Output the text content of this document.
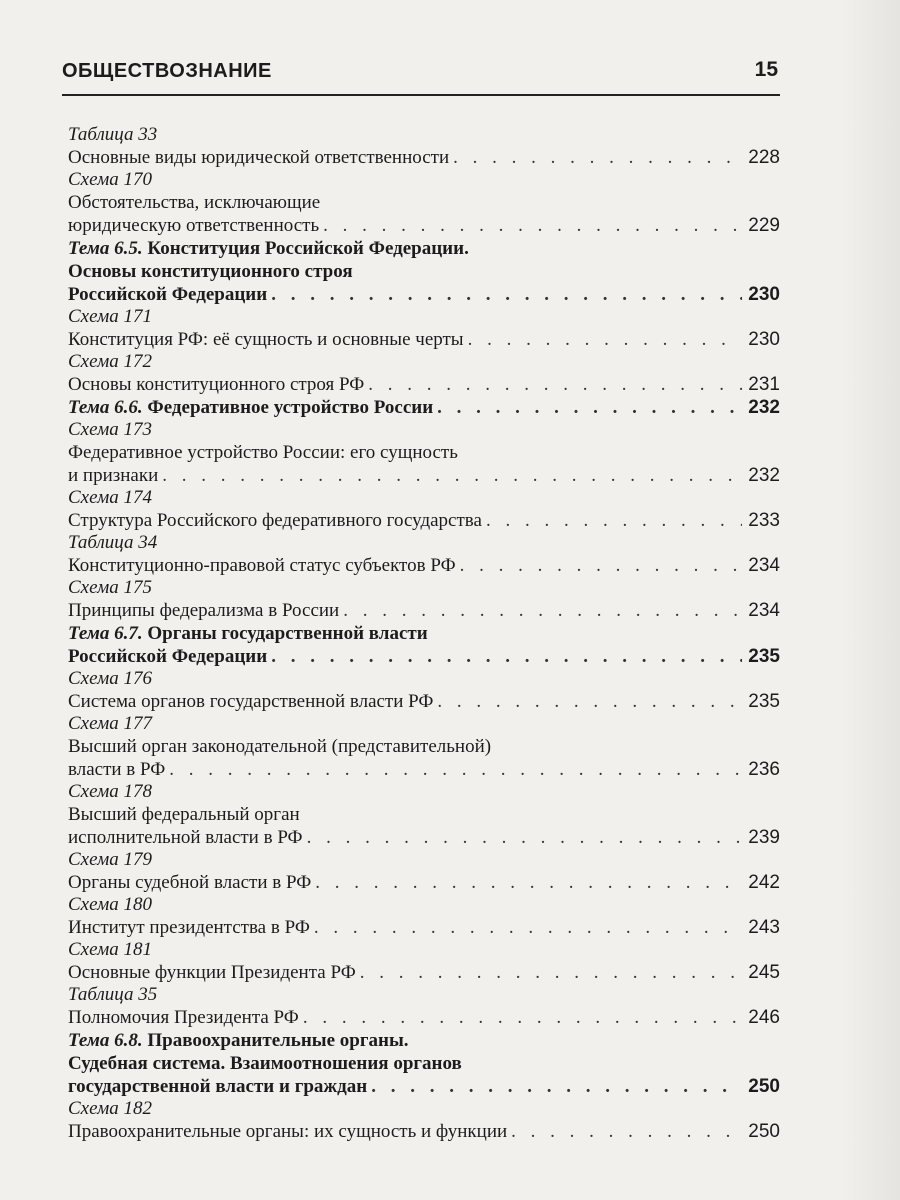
ОБЩЕСТВОЗНАНИЕ	15
Таблица 33
Основные виды юридической ответственности . . .	228
Схема 170
Обстоятельства, исключающие
юридическую ответственность . . .	229
Тема 6.5. Конституция Российской Федерации.
Основы конституционного строя
Российской Федерации . . .	230
Схема 171
Конституция РФ: её сущность и основные черты . . .	230
Схема 172
Основы конституционного строя РФ . . .	231
Тема 6.6. Федеративное устройство России . . .	232
Схема 173
Федеративное устройство России: его сущность
и признаки . . .	232
Схема 174
Структура Российского федеративного государства . . .	233
Таблица 34
Конституционно-правовой статус субъектов РФ . . .	234
Схема 175
Принципы федерализма в России . . .	234
Тема 6.7. Органы государственной власти
Российской Федерации . . .	235
Схема 176
Система органов государственной власти РФ . . .	235
Схема 177
Высший орган законодательной (представительной)
власти в РФ . . .	236
Схема 178
Высший федеральный орган
исполнительной власти в РФ . . .	239
Схема 179
Органы судебной власти в РФ . . .	242
Схема 180
Институт президентства в РФ . . .	243
Схема 181
Основные функции Президента РФ . . .	245
Таблица 35
Полномочия Президента РФ . . .	246
Тема 6.8. Правоохранительные органы.
Судебная система. Взаимоотношения органов
государственной власти и граждан . . .	250
Схема 182
Правоохранительные органы: их сущность и функции . . .	250
